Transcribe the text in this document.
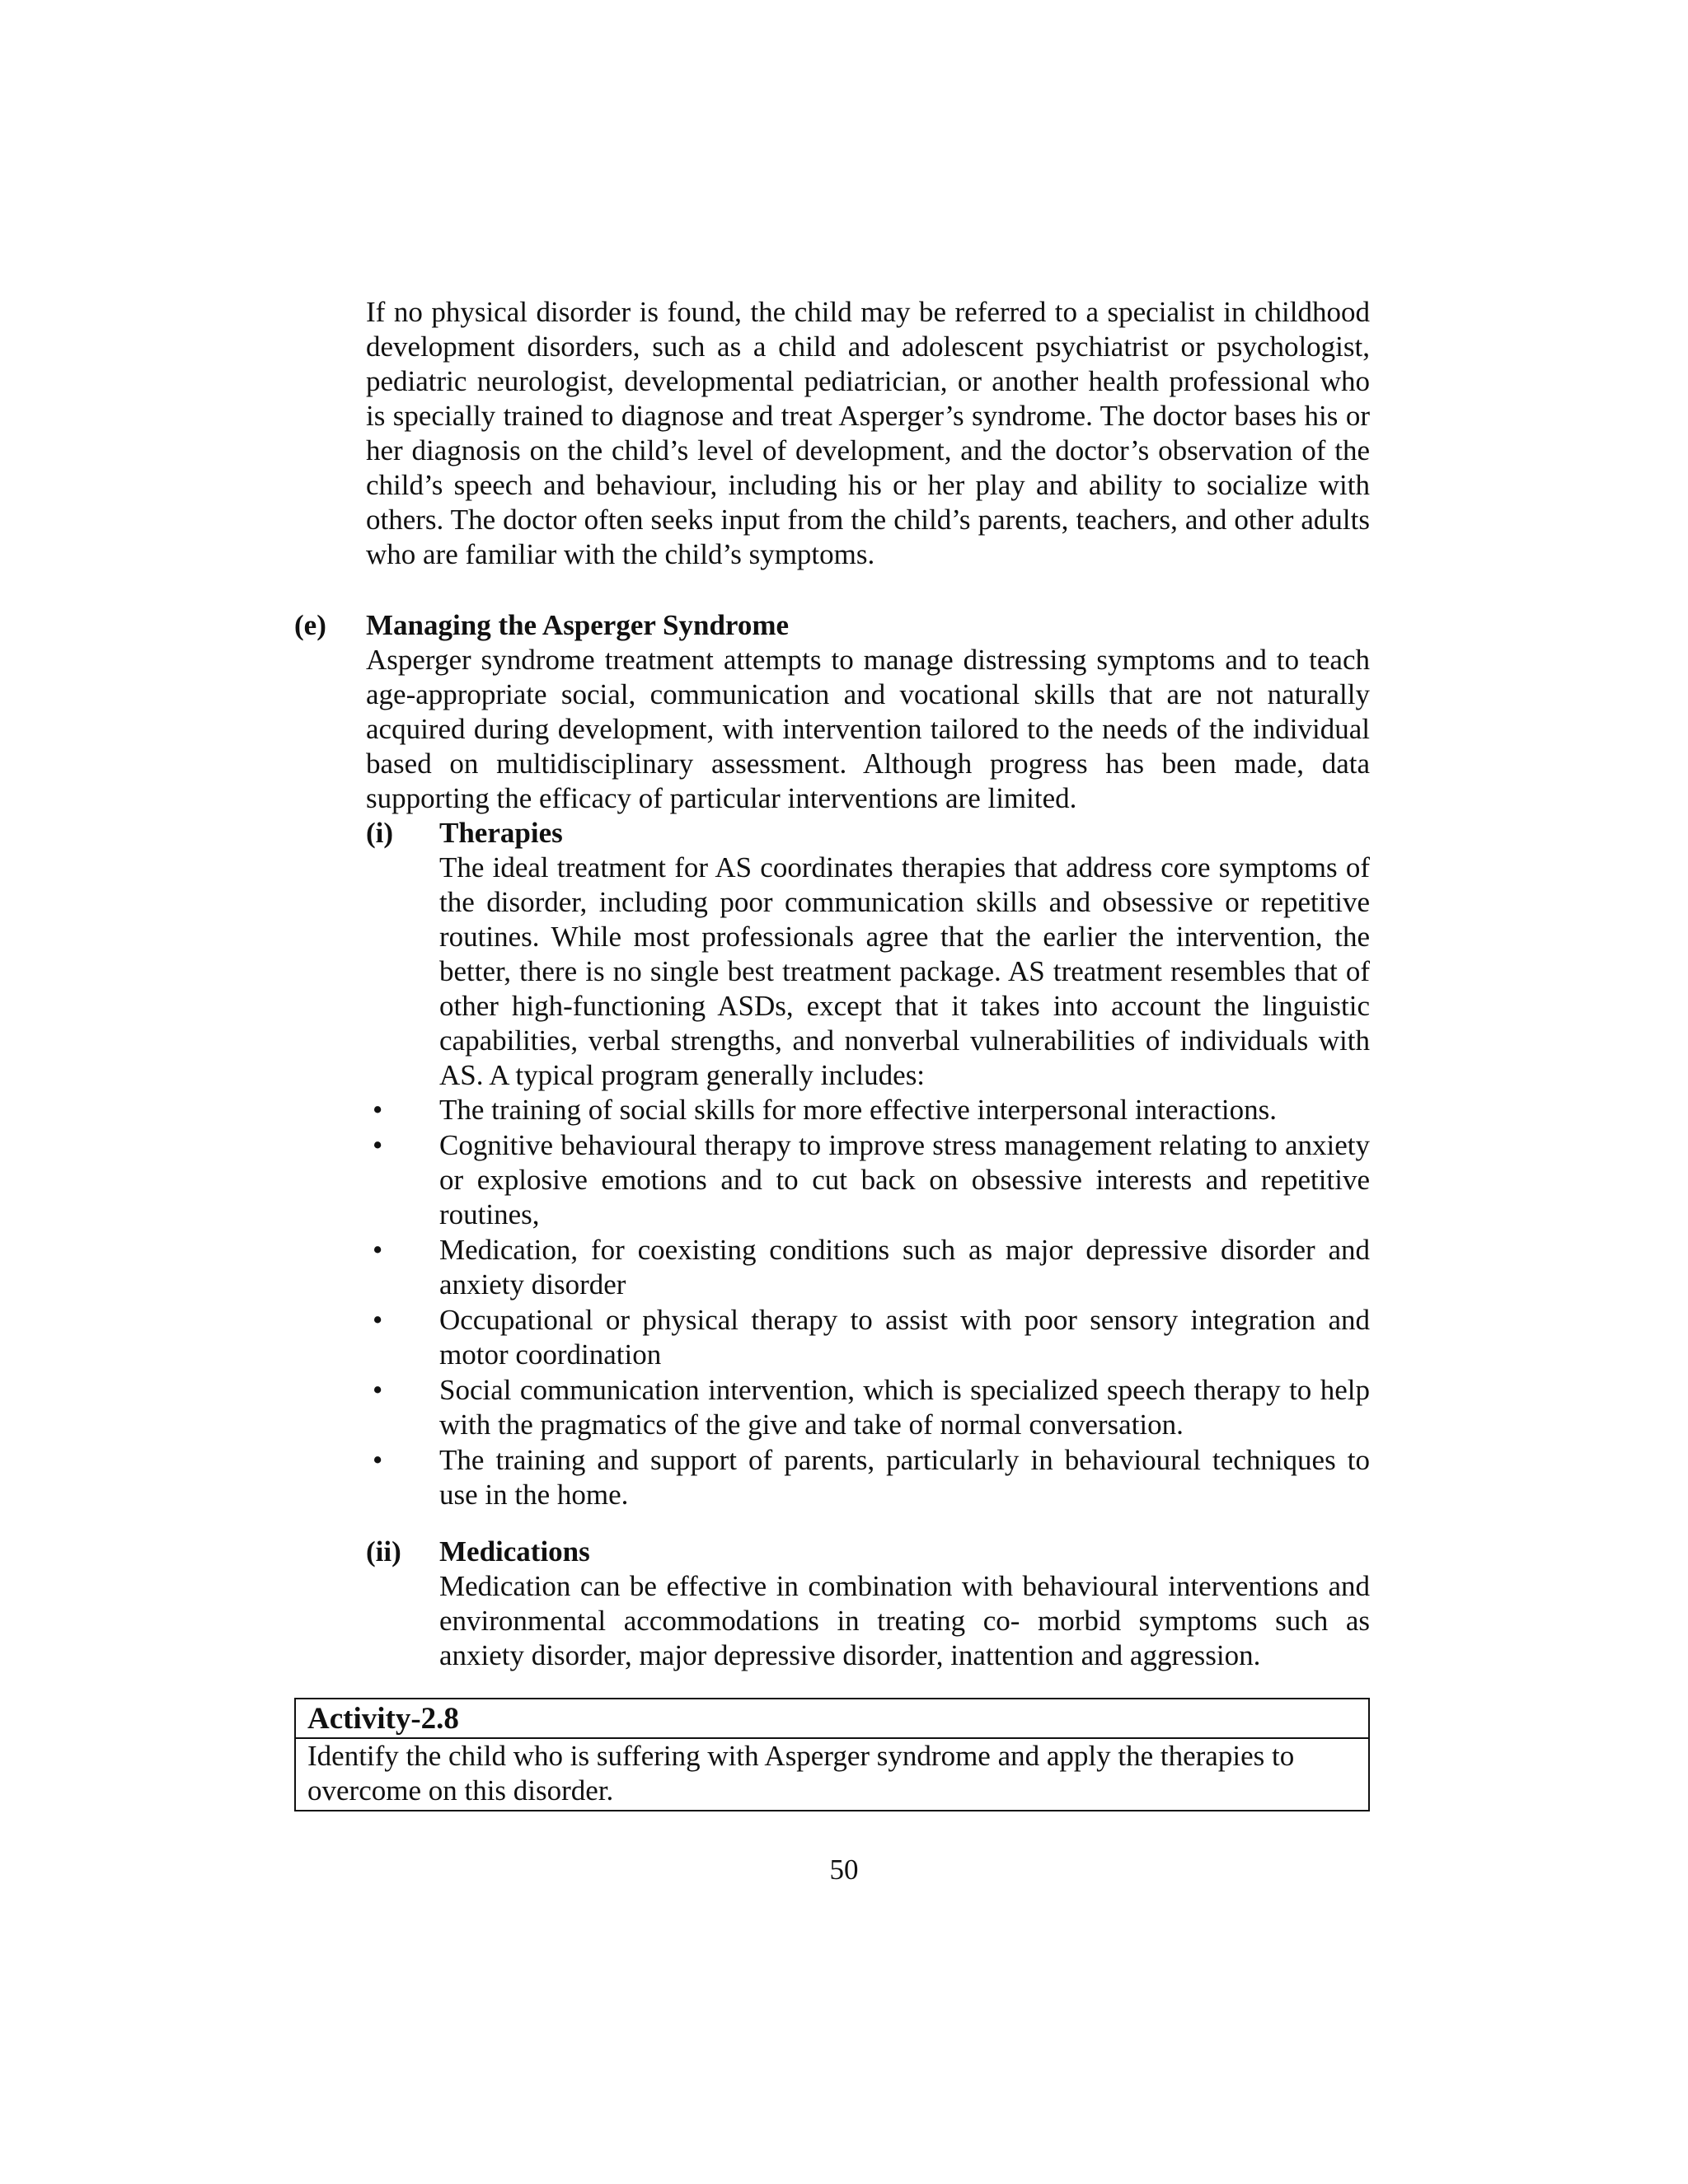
If no physical disorder is found, the child may be referred to a specialist in childhood development disorders, such as a child and adolescent psychiatrist or psychologist, pediatric neurologist, developmental pediatrician, or another health professional who is specially trained to diagnose and treat Asperger’s syndrome. The doctor bases his or her diagnosis on the child’s level of development, and the doctor’s observation of the child’s speech and behaviour, including his or her play and ability to socialize with others. The doctor often seeks input from the child’s parents, teachers, and other adults who are familiar with the child’s symptoms.

(e) Managing the Asperger Syndrome

Asperger syndrome treatment attempts to manage distressing symptoms and to teach age-appropriate social, communication and vocational skills that are not naturally acquired during development, with intervention tailored to the needs of the individual based on multidisciplinary assessment. Although progress has been made, data supporting the efficacy of particular interventions are limited.

(i) Therapies

The ideal treatment for AS coordinates therapies that address core symptoms of the disorder, including poor communication skills and obsessive or repetitive routines. While most professionals agree that the earlier the intervention, the better, there is no single best treatment package. AS treatment resembles that of other high-functioning ASDs, except that it takes into account the linguistic capabilities, verbal strengths, and nonverbal vulnerabilities of individuals with AS. A typical program generally includes:

• The training of social skills for more effective interpersonal interactions.
• Cognitive behavioural therapy to improve stress management relating to anxiety or explosive emotions and to cut back on obsessive interests and repetitive routines,
• Medication, for coexisting conditions such as major depressive disorder and anxiety disorder
• Occupational or physical therapy to assist with poor sensory integration and motor coordination
• Social communication intervention, which is specialized speech therapy to help with the pragmatics of the give and take of normal conversation.
• The training and support of parents, particularly in behavioural techniques to use in the home.
(ii) Medications

Medication can be effective in combination with behavioural interventions and environmental accommodations in treating co- morbid symptoms such as anxiety disorder, major depressive disorder, inattention and aggression.

Activity-2.8
Identify the child who is suffering with Asperger syndrome and apply the therapies to overcome on this disorder.
50
